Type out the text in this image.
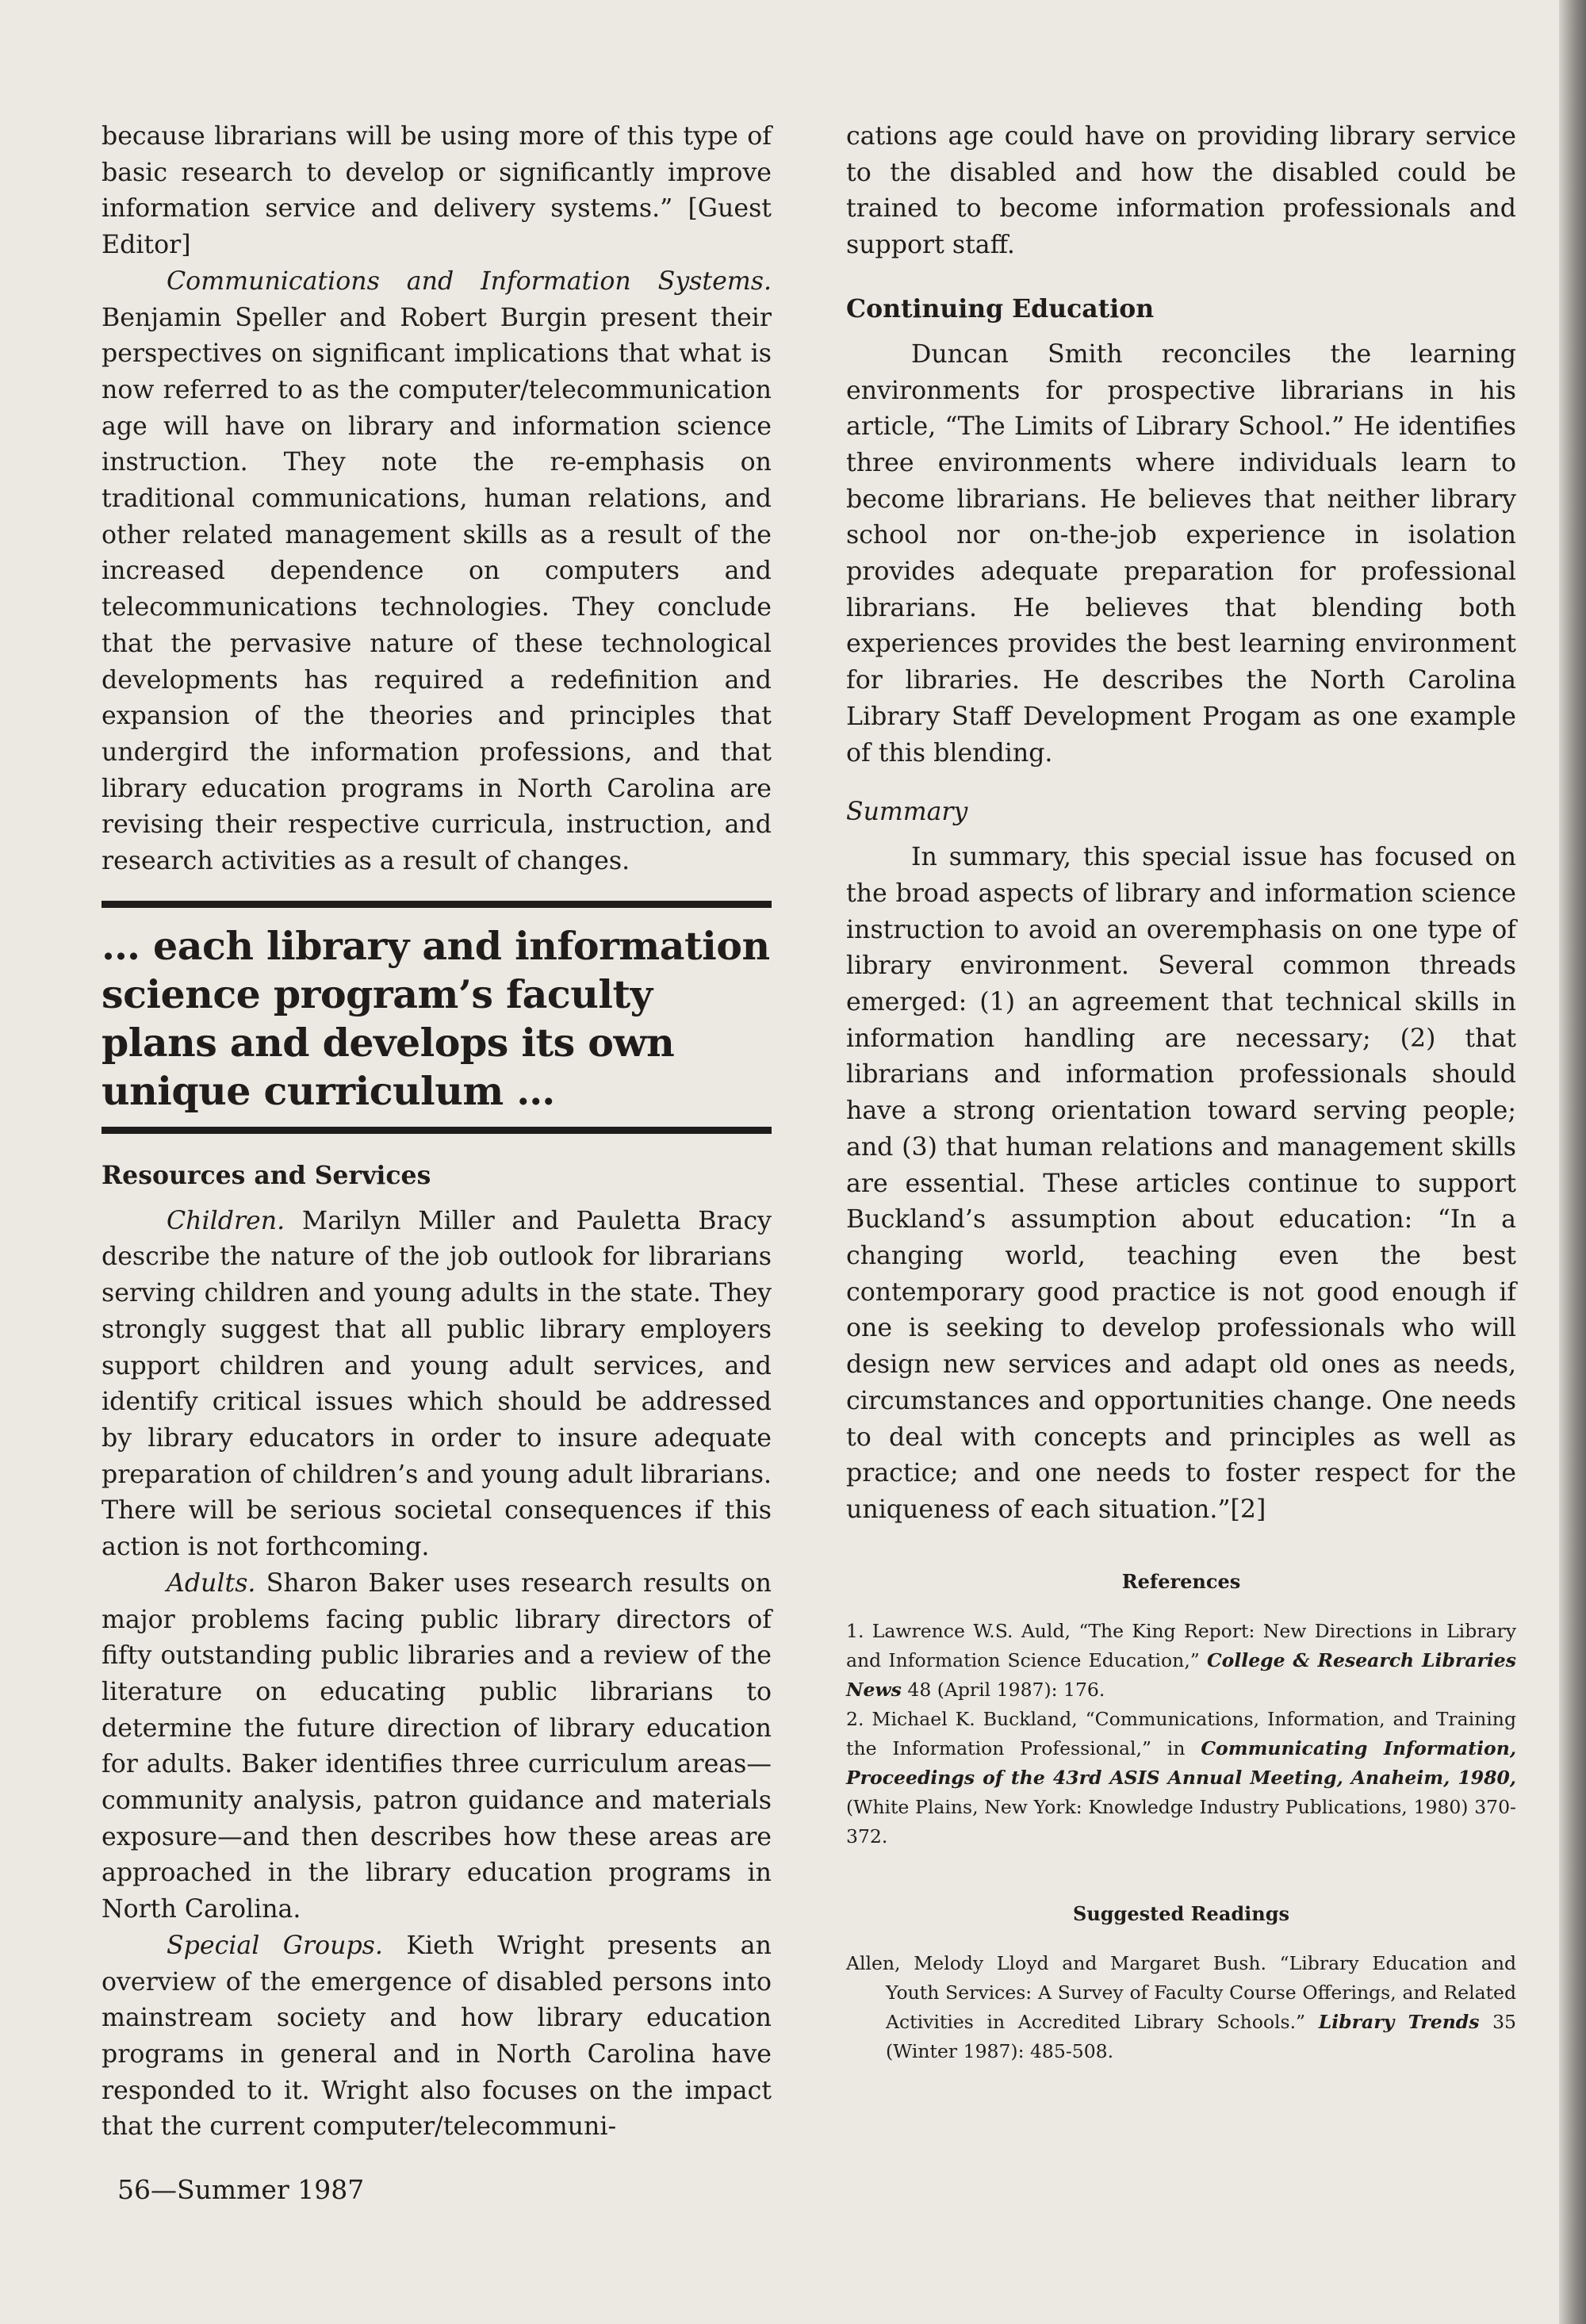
because librarians will be using more of this type of basic research to develop or significantly improve information service and delivery systems.” [Guest Editor]

Communications and Information Systems. Benjamin Speller and Robert Burgin present their perspectives on significant implications that what is now referred to as the computer/telecommunication age will have on library and information science instruction. They note the re-emphasis on traditional communications, human relations, and other related management skills as a result of the increased dependence on computers and telecommunications technologies. They conclude that the pervasive nature of these technological developments has required a redefinition and expansion of the theories and principles that undergird the information professions, and that library education programs in North Carolina are revising their respective curricula, instruction, and research activities as a result of changes.

… each library and information science program’s faculty plans and develops its own unique curriculum …
Resources and Services

Children. Marilyn Miller and Pauletta Bracy describe the nature of the job outlook for librarians serving children and young adults in the state. They strongly suggest that all public library employers support children and young adult services, and identify critical issues which should be addressed by library educators in order to insure adequate preparation of children’s and young adult librarians. There will be serious societal consequences if this action is not forthcoming.

Adults. Sharon Baker uses research results on major problems facing public library directors of fifty outstanding public libraries and a review of the literature on educating public librarians to determine the future direction of library education for adults. Baker identifies three curriculum areas—community analysis, patron guidance and materials exposure—and then describes how these areas are approached in the library education programs in North Carolina.

Special Groups. Kieth Wright presents an overview of the emergence of disabled persons into mainstream society and how library education programs in general and in North Carolina have responded to it. Wright also focuses on the impact that the current computer/telecommuni-

cations age could have on providing library service to the disabled and how the disabled could be trained to become information professionals and support staff.

Continuing Education

Duncan Smith reconciles the learning environments for prospective librarians in his article, “The Limits of Library School.” He identifies three environments where individuals learn to become librarians. He believes that neither library school nor on-the-job experience in isolation provides adequate preparation for professional librarians. He believes that blending both experiences provides the best learning environment for libraries. He describes the North Carolina Library Staff Development Progam as one example of this blending.

Summary

In summary, this special issue has focused on the broad aspects of library and information science instruction to avoid an overemphasis on one type of library environment. Several common threads emerged: (1) an agreement that technical skills in information handling are necessary; (2) that librarians and information professionals should have a strong orientation toward serving people; and (3) that human relations and management skills are essential. These articles continue to support Buckland’s assumption about education: “In a changing world, teaching even the best contemporary good practice is not good enough if one is seeking to develop professionals who will design new services and adapt old ones as needs, circumstances and opportunities change. One needs to deal with concepts and principles as well as practice; and one needs to foster respect for the uniqueness of each situation.”[2]

References

1. Lawrence W.S. Auld, “The King Report: New Directions in Library and Information Science Education,” College & Research Libraries News 48 (April 1987): 176.

2. Michael K. Buckland, “Communications, Information, and Training the Information Professional,” in Communicating Information, Proceedings of the 43rd ASIS Annual Meeting, Anaheim, 1980, (White Plains, New York: Knowledge Industry Publications, 1980) 370-372.

Suggested Readings

Allen, Melody Lloyd and Margaret Bush. “Library Education and Youth Services: A Survey of Faculty Course Offerings, and Related Activities in Accredited Library Schools.” Library Trends 35 (Winter 1987): 485-508.

56—Summer 1987
